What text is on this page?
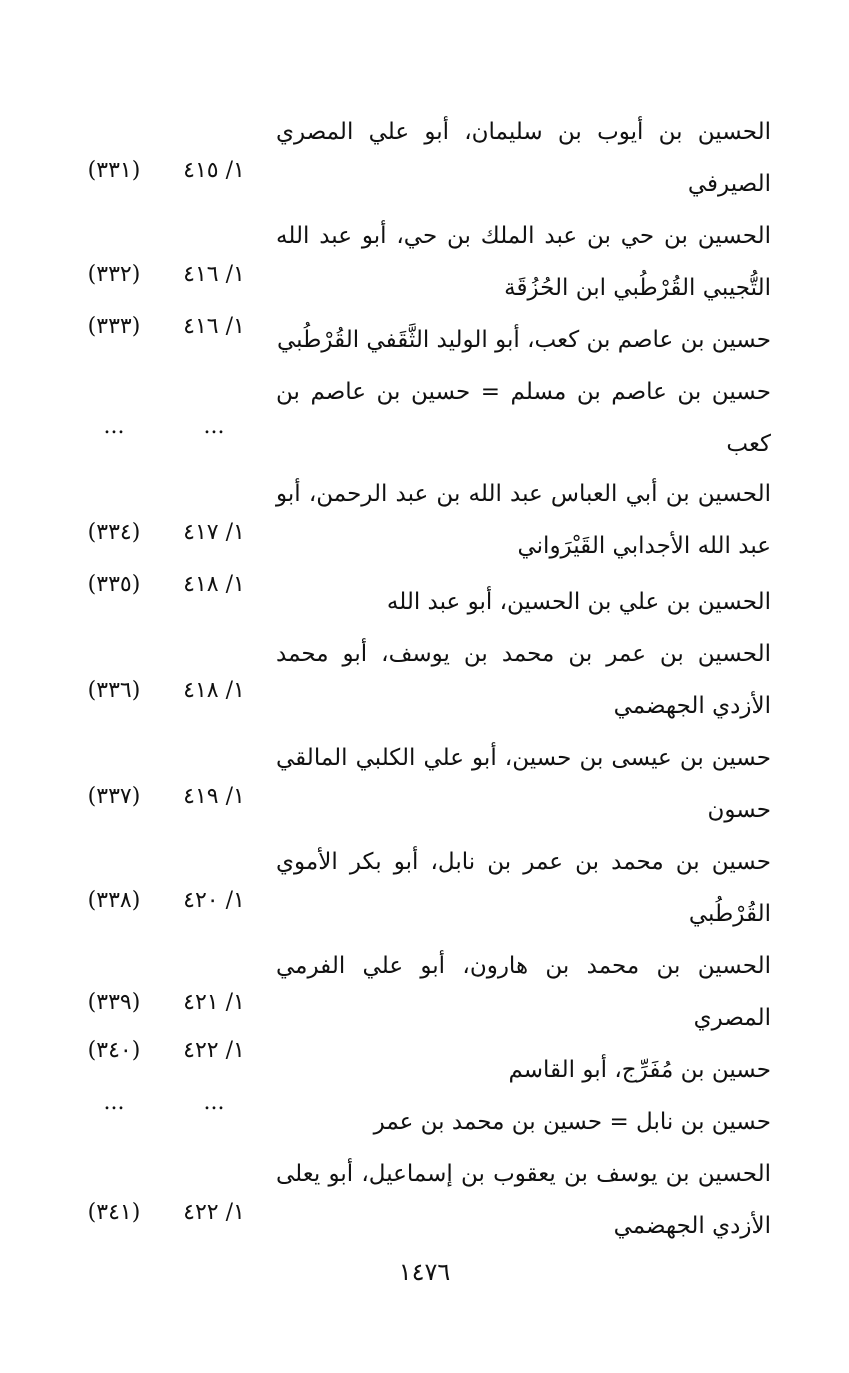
الحسين بن أيوب بن سليمان، أبو علي المصري الصيرفي
١/ ٤١٥
(٣٣١)
الحسين بن حي بن عبد الملك بن حي، أبو عبد الله التُّجيبي القُرْطُبي ابن الحُزُقَة
١/ ٤١٦
(٣٣٢)
حسين بن عاصم بن كعب، أبو الوليد الثَّقَفي القُرْطُبي
١/ ٤١٦
(٣٣٣)
حسين بن عاصم بن مسلم = حسين بن عاصم بن كعب
...
...
الحسين بن أبي العباس عبد الله بن عبد الرحمن، أبو عبد الله الأجدابي القَيْرَواني
١/ ٤١٧
(٣٣٤)
الحسين بن علي بن الحسين، أبو عبد الله
١/ ٤١٨
(٣٣٥)
الحسين بن عمر بن محمد بن يوسف، أبو محمد الأزدي الجهضمي
١/ ٤١٨
(٣٣٦)
حسين بن عيسى بن حسين، أبو علي الكلبي المالقي حسون
١/ ٤١٩
(٣٣٧)
حسين بن محمد بن عمر بن نابل، أبو بكر الأموي القُرْطُبي
١/ ٤٢٠
(٣٣٨)
الحسين بن محمد بن هارون، أبو علي الفرمي المصري
١/ ٤٢١
(٣٣٩)
حسين بن مُفَرِّج، أبو القاسم
١/ ٤٢٢
(٣٤٠)
حسين بن نابل = حسين بن محمد بن عمر
...
...
الحسين بن يوسف بن يعقوب بن إسماعيل، أبو يعلى الأزدي الجهضمي
١/ ٤٢٢
(٣٤١)
١٤٧٦
